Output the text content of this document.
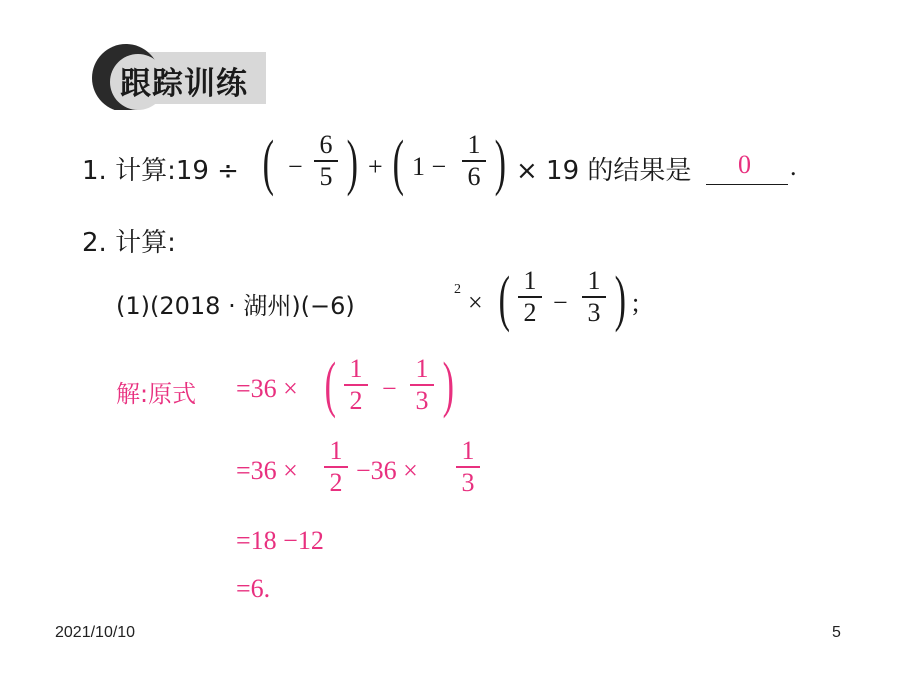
跟踪训练
1. 计算:19 ÷ ( −
6
5 ) + ( 1 −
1
6 ) × 19 的结果是 0 .
2. 计算:
(1)(2018 · 湖州)(−6)
2 × ( 1
2 −
1
3 ) ;
解:原式 =36 × ( 1
2 −
1
3 )
=36 ×
1
2 −36 ×
1
3
=18 −12
=6.
2021/10/10	5
